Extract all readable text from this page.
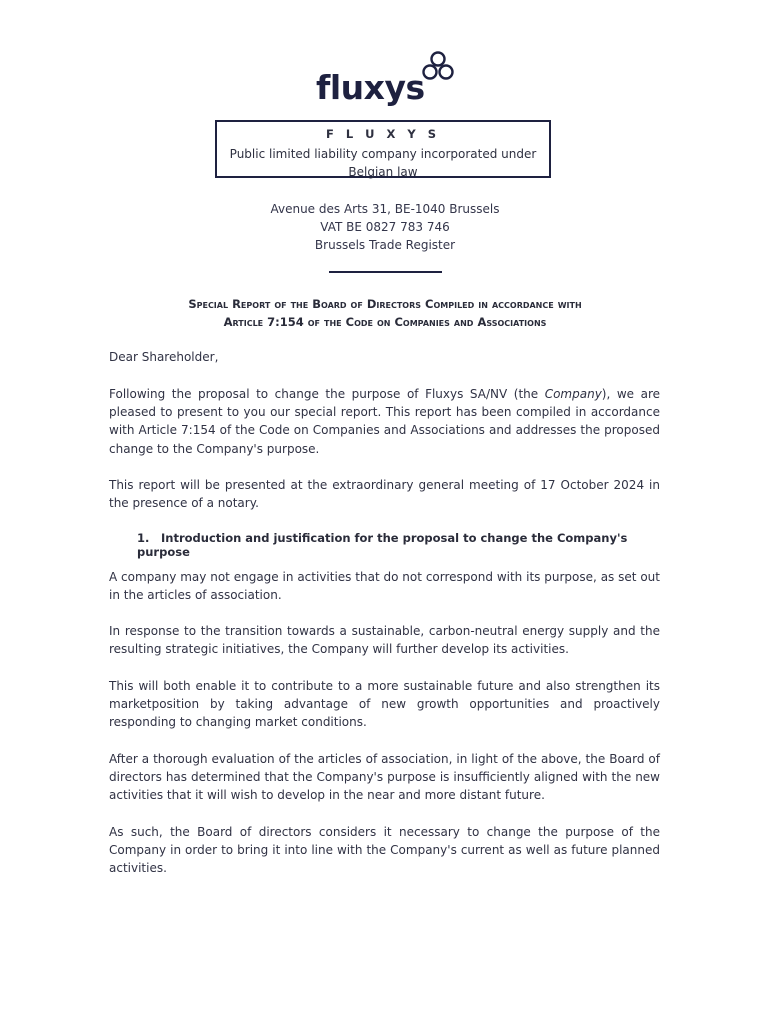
fluxys
F L U X Y S
Public limited liability company incorporated under Belgian law
Avenue des Arts 31, BE-1040 Brussels
VAT BE 0827 783 746
Brussels Trade Register
Special Report of the Board of Directors Compiled in accordance with
Article 7:154 of the Code on Companies and Associations
Dear Shareholder,
Following the proposal to change the purpose of Fluxys SA/NV (the Company), we are pleased to present to you our special report. This report has been compiled in accordance with Article 7:154 of the Code on Companies and Associations and addresses the proposed change to the Company's purpose.
This report will be presented at the extraordinary general meeting of 17 October 2024 in the presence of a notary.
1. Introduction and justification for the proposal to change the Company's purpose
A company may not engage in activities that do not correspond with its purpose, as set out in the articles of association.
In response to the transition towards a sustainable, carbon-neutral energy supply and the resulting strategic initiatives, the Company will further develop its activities.
This will both enable it to contribute to a more sustainable future and also strengthen its marketposition by taking advantage of new growth opportunities and proactively responding to changing market conditions.
After a thorough evaluation of the articles of association, in light of the above, the Board of directors has determined that the Company's purpose is insufficiently aligned with the new activities that it will wish to develop in the near and more distant future.
As such, the Board of directors considers it necessary to change the purpose of the Company in order to bring it into line with the Company's current as well as future planned activities.
